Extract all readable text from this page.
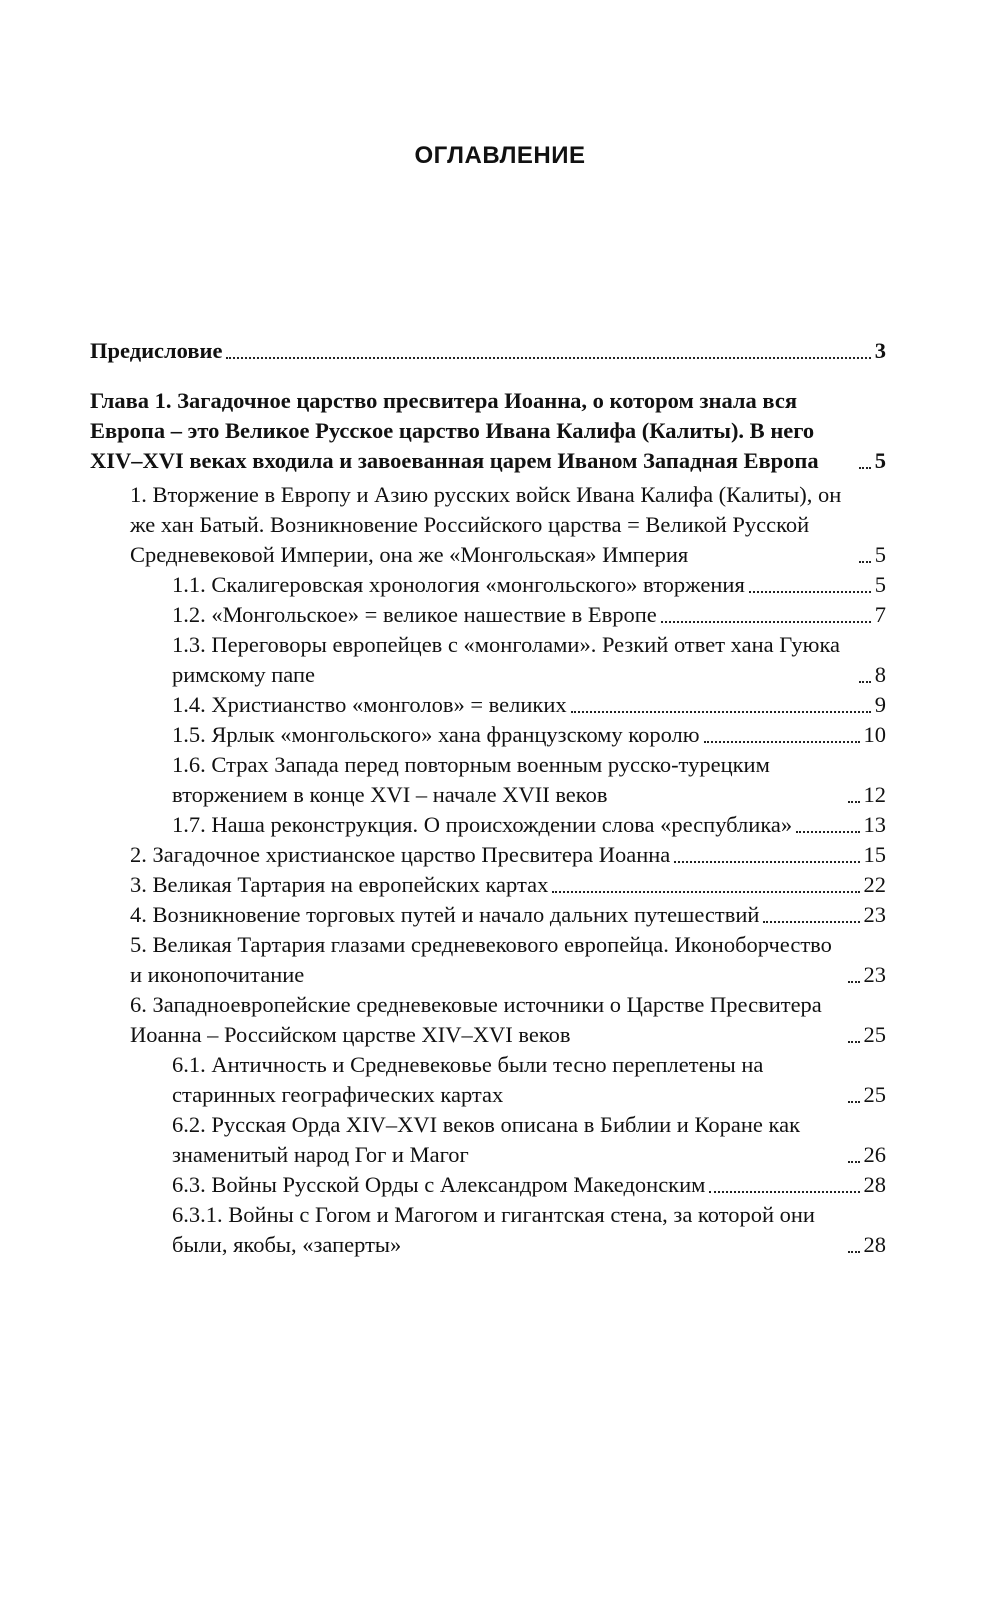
ОГЛАВЛЕНИЕ
Предисловие	3
Глава 1. Загадочное царство пресвитера Иоанна, о котором знала вся Европа – это Великое Русское царство Ивана Калифа (Калиты). В него XIV–XVI веках входила и завоеванная царем Иваном Западная Европа	5
1. Вторжение в Европу и Азию русских войск Ивана Калифа (Калиты), он же хан Батый. Возникновение Российского царства = Великой Русской Средневековой Империи, она же «Монгольская» Империя	5
1.1. Скалигеровская хронология «монгольского» вторжения	5
1.2. «Монгольское» = великое нашествие в Европе	7
1.3. Переговоры европейцев с «монголами». Резкий ответ хана Гуюка римскому папе	8
1.4. Христианство «монголов» = великих	9
1.5. Ярлык «монгольского» хана французскому королю	10
1.6. Страх Запада перед повторным военным русско-турецким вторжением в конце XVI – начале XVII веков	12
1.7. Наша реконструкция. О происхождении слова «республика»	13
2. Загадочное христианское царство Пресвитера Иоанна	15
3. Великая Тартария на европейских картах	22
4. Возникновение торговых путей и начало дальних путешествий	23
5. Великая Тартария глазами средневекового европейца. Иконоборчество и иконопочитание	23
6. Западноевропейские средневековые источники о Царстве Пресвитера Иоанна – Российском царстве XIV–XVI веков	25
6.1. Античность и Средневековье были тесно переплетены на старинных географических картах	25
6.2. Русская Орда XIV–XVI веков описана в Библии и Коране как знаменитый народ Гог и Магог	26
6.3. Войны Русской Орды с Александром Македонским	28
6.3.1. Войны с Гогом и Магогом и гигантская стена, за которой они были, якобы, «заперты»	28
